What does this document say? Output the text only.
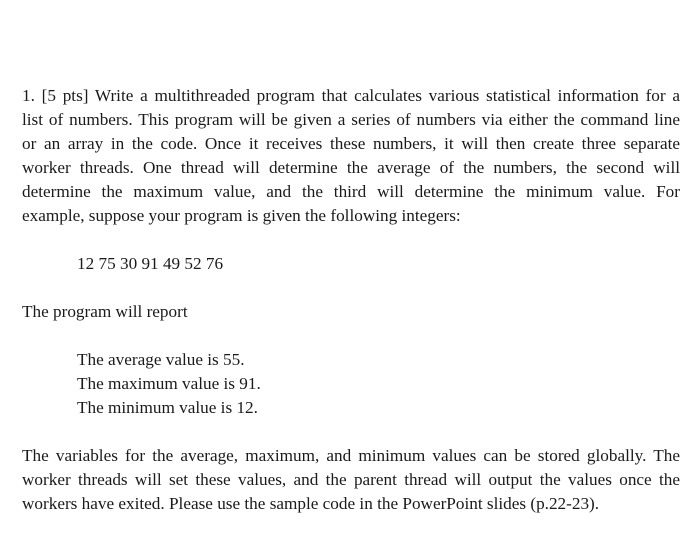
1. [5 pts] Write a multithreaded program that calculates various statistical information for a
list of numbers. This program will be given a series of numbers via either the command line
or an array in the code. Once it receives these numbers, it will then create three separate
worker threads. One thread will determine the average of the numbers, the second will
determine the maximum value, and the third will determine the minimum value. For
example, suppose your program is given the following integers:

12 75 30 91 49 52 76

The program will report

The average value is 55.
The maximum value is 91.
The minimum value is 12.

The variables for the average, maximum, and minimum values can be stored globally. The
worker threads will set these values, and the parent thread will output the values once the
workers have exited. Please use the sample code in the PowerPoint slides (p.22-23).
